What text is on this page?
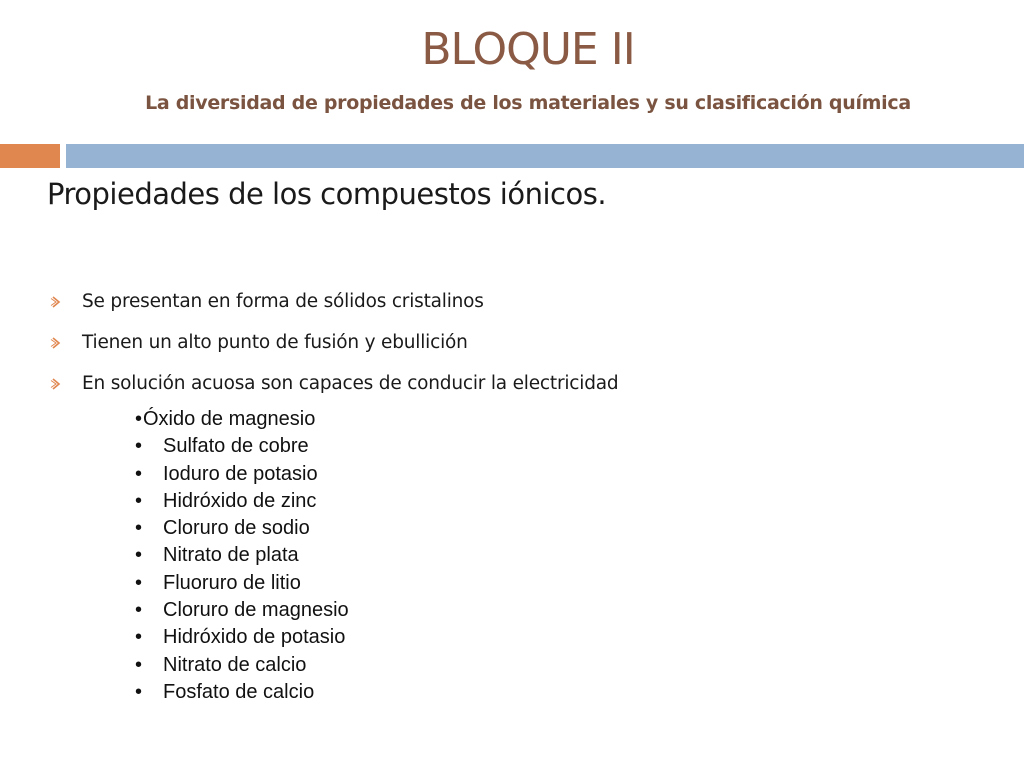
BLOQUE II
La diversidad de propiedades de los materiales y su clasificación química
Propiedades de los compuestos iónicos.
Se presentan en forma de sólidos cristalinos
Tienen un alto punto de fusión y ebullición
En solución acuosa son capaces de conducir la electricidad
• Óxido de magnesio
• Sulfato de cobre
• Ioduro de potasio
• Hidróxido de zinc
• Cloruro de sodio
• Nitrato de plata
• Fluoruro de litio
• Cloruro de magnesio
• Hidróxido de potasio
• Nitrato de calcio
• Fosfato de calcio
